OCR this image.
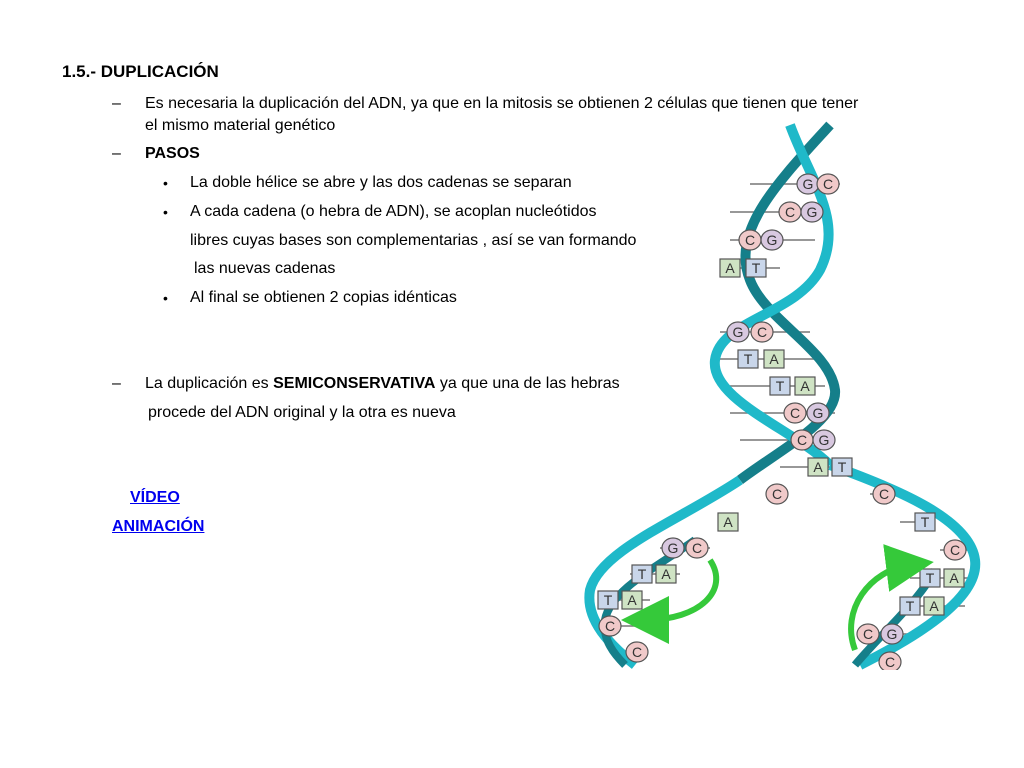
1.5.- DUPLICACIÓN
– Es necesaria la duplicación del ADN, ya que en la mitosis se obtienen 2 células que tienen que tener
el mismo material genético
– PASOS
• La doble hélice se abre y las dos cadenas se separan
• A cada cadena (o hebra de ADN), se acoplan nucleótidos
libres cuyas bases son complementarias , así se van formando
las nuevas cadenas
• Al final se obtienen 2 copias idénticas
– La duplicación es SEMICONSERVATIVA ya que una de las hebras
procede del ADN original y la otra es nueva
VÍDEO
ANIMACIÓN
G C
C G
C G
A T
G C
T A
T A
C G
C G
A T
G C
T A
T A
C
C
C
T
C
T A
T A
C G
C
C
A
